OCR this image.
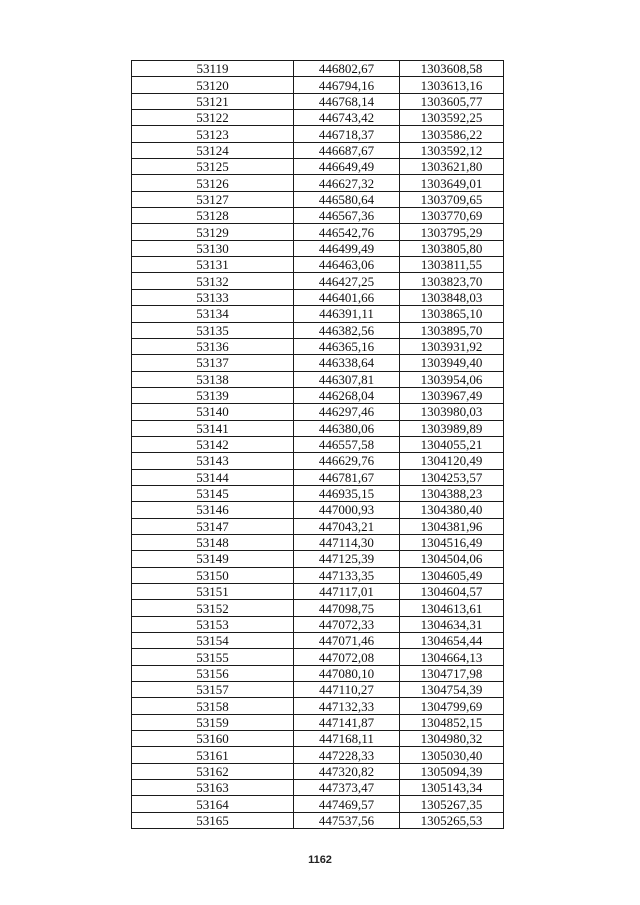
53119	446802,67	1303608,58
53120	446794,16	1303613,16
53121	446768,14	1303605,77
53122	446743,42	1303592,25
53123	446718,37	1303586,22
53124	446687,67	1303592,12
53125	446649,49	1303621,80
53126	446627,32	1303649,01
53127	446580,64	1303709,65
53128	446567,36	1303770,69
53129	446542,76	1303795,29
53130	446499,49	1303805,80
53131	446463,06	1303811,55
53132	446427,25	1303823,70
53133	446401,66	1303848,03
53134	446391,11	1303865,10
53135	446382,56	1303895,70
53136	446365,16	1303931,92
53137	446338,64	1303949,40
53138	446307,81	1303954,06
53139	446268,04	1303967,49
53140	446297,46	1303980,03
53141	446380,06	1303989,89
53142	446557,58	1304055,21
53143	446629,76	1304120,49
53144	446781,67	1304253,57
53145	446935,15	1304388,23
53146	447000,93	1304380,40
53147	447043,21	1304381,96
53148	447114,30	1304516,49
53149	447125,39	1304504,06
53150	447133,35	1304605,49
53151	447117,01	1304604,57
53152	447098,75	1304613,61
53153	447072,33	1304634,31
53154	447071,46	1304654,44
53155	447072,08	1304664,13
53156	447080,10	1304717,98
53157	447110,27	1304754,39
53158	447132,33	1304799,69
53159	447141,87	1304852,15
53160	447168,11	1304980,32
53161	447228,33	1305030,40
53162	447320,82	1305094,39
53163	447373,47	1305143,34
53164	447469,57	1305267,35
53165	447537,56	1305265,53
1162
